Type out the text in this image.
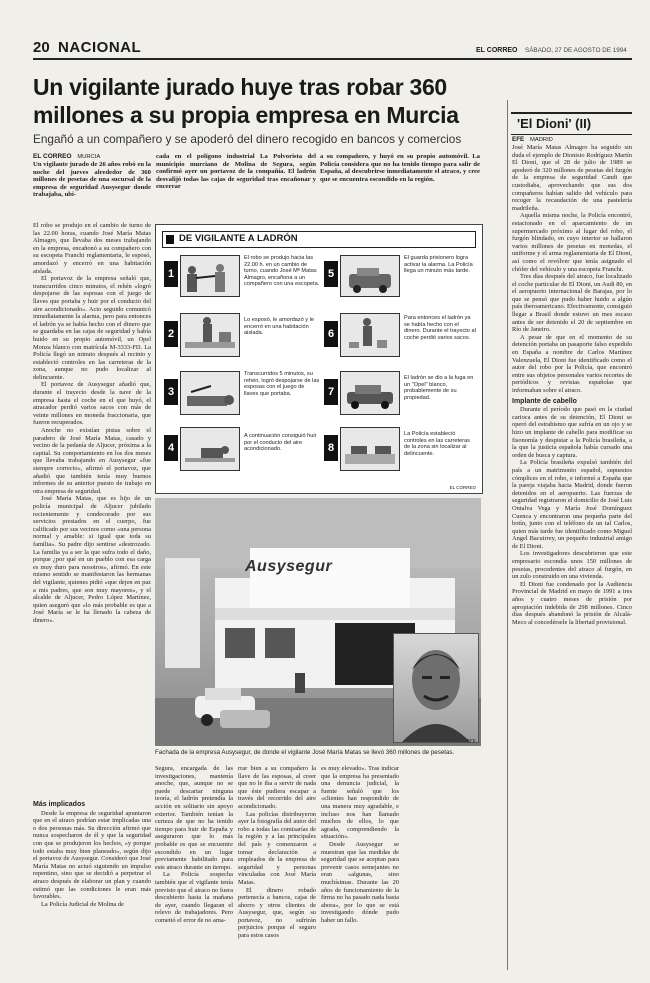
20 NACIONAL	EL CORREO SÁBADO, 27 DE AGOSTO DE 1994
Un vigilante jurado huye tras robar 360 millones a su propia empresa en Murcia
Engañó a un compañero y se apoderó del dinero recogido en bancos y comercios
EL CORREO MURCIA
Un vigilante jurado de 26 años robó en la noche del jueves alrededor de 360 millones de pesetas de una sucursal de la empresa de seguridad Ausysegur donde trabajaba, ubi-
cada en el polígono industrial La Polvorista del municipio murciano de Molina de Segura, según confirmó ayer un portavoz de la compañía. El ladrón desvalijó todas las cajas de seguridad tras encañonar y encerrar
a su compañero, y huyó en su propio automóvil. La Policía considera que no ha tenido tiempo para salir de España, al descubrirse inmediatamente el atraco, y cree que se encuentra escondido en la región.

El robo se produjo en el cambio de turno de las 22.00 horas, cuando José María Matas Almagro, que llevaba dos meses trabajando en la empresa, encañonó a su compañero con su escopeta Franchi reglamentaria, le esposó, amordazó y encerró en una habitación aislada.

El portavoz de la empresa señaló que, transcurridos cinco minutos, el rehén «logró despojarse de las esposas con el juego de llaves que portaba y huir por el conducto del aire acondicionado». Acto seguido comunicó inmediatamente la alarma, pero para entonces el ladrón ya se había hecho con el dinero que se guardaba en las cajas de seguridad y había huido en su propio automóvil, un Opel Monza blanco con matrícula M-3333-FD. La Policía llegó un minuto después al recinto y estableció controles en las carreteras de la zona, aunque no pudo localizar al delincuente.

El portavoz de Ausysegur añadió que, durante el trayecto desde la nave de la empresa hasta el coche en el que huyó, el atracador perdió varios sacos con más de veinte millones en moneda fraccionaria, que fueron recuperados.

Anoche no existían pistas sobre el paradero de José María Matas, casado y vecino de la pedanía de Aljucer, próxima a la capital. Su comportamiento en los dos meses que llevaba trabajando en Ausysegur «fue siempre correcto», afirmó el portavoz, que añadió que también tenía muy buenos informes de su anterior puesto de trabajo en otra empresa de seguridad.

José María Matas, que es hijo de un policía municipal de Aljucer jubilado recientemente y condecorado por sus servicios prestados en el cuerpo, fue calificado por sus vecinos como «una persona normal y amable: si igual que toda su familia». Su padre dijo sentirse «destrozado. La familia ya a ser la que sufra todo el daño, porque ¿por qué en un pueblo con esa carga es muy duro para nosotros», afirmó. En este mismo sentido se manifestaron las hermanas del vigilante, quienes pidió «que dejen en paz a mis padres, que son muy mayores», y el alcalde de Aljucer, Pedro López Martínez, quien aseguró que «lo más probable es que a José María se le ha llenado la cabeza de dinero».

Más implicados

Desde la empresa de seguridad apuntaron que en el atraco podrían estar implicadas una o dos personas más. Su dirección afirmó que nunca sospecharon de él y que la seguridad con que se produjeron los hechos, «y porque todo estaba muy bien planeado», según dijo el portavoz de Ausysegur. Consideró que José María Matas no actuó siguiendo un impulso repentino, sino que se decidió a perpetrar el atraco después de elaborar un plan y cuando estimó que las condiciones le eran más favorables.

La Policía Judicial de Molina de

DE VIGILANTE A LADRÓN
1
El robo se produjo hacia las 22.00 h. en un cambio de turno, cuando José Mª Matas Almagro, encañona a un compañero con una escopeta.
2
Lo esposó, le amordazó y le encerró en una habitación aislada.
3
Transcurridos 5 minutos, su rehén, logró despojarse de las esposas con el juego de llaves que portaba.
4
A continuación consiguió huir por el conducto del aire acondicionado.
5
El guarda prisionero logra activar la alarma. La Policía llega un minuto más tarde.
6
Para entonces el ladrón ya se había hecho con el dinero. Durante el trayecto al coche perdió varios sacos.
7
El ladrón se dio a la fuga en un "Opel" blanco, probablemente de su propiedad.
8
La Policía estableció controles en las carreteras de la zona sin localizar al delincuente.
EL CORREO
Ausysegur
EFE
Fachada de la empresa Ausysegur, de donde el vigilante José María Matas se llevó 360 millones de pesetas.

Segura, encargada de las investigaciones, mantenía anoche, que, aunque no se puede descartar ninguna teoría, el ladrón pretendía la acción en solitario sin apoyo exterior. También tenían la certeza de que no ha tenido tiempo para huir de España y aseguraron que lo más probable es que se encuentre escondido en un lugar previamente habilitado para este atraco durante un tiempo.

La Policía sospecha también que el vigilante tenía previsto que el atraco no fuera descubierto hasta la mañana de ayer, cuando llegaran el relevo de trabajadores. Pero cometió el error de no ama-

rrar bien a su compañero la llave de las esposas, al creer que no le iba a servir de nada que éste pudiera escapar a través del recorrido del aire acondicionado.

Las policías distribuyeron ayer la fotografía del autor del robo a todas las comisarías de la región y a las principales del país y comenzaron a tomar declaración a empleados de la empresa de seguridad y personas vinculadas con José María Matas.

El dinero robado pertenecía a bancos, cajas de ahorro y otros clientes de Ausysegur, que, según su portavoz, no sufrirán perjuicios porque el seguro para estos casos

es muy elevado». Tras indicar que la empresa ha presentado una denuncia judicial, la fuente señaló que los «clientes han respondido de una manera muy agradable, e incluso nos han llamado muchos de ellos, lo que agrada, comprendiendo la situación».

Desde Ausysegur se muestran que las medidas de seguridad que se aceptan para prevenir casos semejantes no eran «algunas, sino muchísimas. Durante las 20 años de funcionamiento de la firma no ha pasado nada hasta ahora», por lo que se está investigando dónde pudo haber un fallo.

'El Dioni' (II)
EFE MADRID

José María Matas Almagro ha seguido sin duda el ejemplo de Dionisio Rodríguez Martín El Dioni, que el 28 de julio de 1989 se apoderó de 320 millones de pesetas del furgón de la empresa de seguridad Candi que custodiaba, aprovechando que sus dos compañeros habían salido del vehículo para recoger la recaudación de una pastelería madrileña.

Aquella misma noche, la Policía encontró, estacionado en el aparcamiento de un supermercado próximo al lugar del robo, el furgón blindado, en cuyo interior se hallaron varios millones de pesetas en monedas, el uniforme y el arma reglamentaria de El Dioni, así como el revólver que tenía asignado el chófer del vehículo y una escopeta Franchi.

Tres días después del atraco, fue localizado el coche particular de El Dioni, un Audi 80, en el aeropuerto internacional de Barajas, por lo que se pensó que pudo haber huido a algún país iberoamericano. Efectivamente, consiguió llegar a Brasil donde estuvo un mes escaso antes de ser detenido el 20 de septiembre en Río de Janeiro.

A pesar de que en el momento de su detención portaba un pasaporte falso expedido en España a nombre de Carlos Martínez Valenzuela, El Dioni fue identificado como el autor del robo por la Policía, que encontró entre sus objetos personales varios recortes de periódicos y revistas españolas que informaban sobre el atraco.

Implante de cabello

Durante el período que pasó en la ciudad carioca antes de su detención, El Dioni se operó del estrabismo que sufría en un ojo y se hizo un implante de cabello para modificar su fisonomía y despistar a la Policía brasileña, a la que la justicia española había cursado una orden de busca y captura.

La Policía brasileña expulsó también del país a un matrimonio español, supuestos cómplices en el robo, e informó a España que la pareja viajaba hacia Madrid, donde fueron detenidos en el aeropuerto. Las fuerzas de seguridad registraron el domicilio de José Luis Ontalva Vega y María José Domínguez Cuenca y encontraron una pequeña parte del botín, junto con el teléfono de un tal Carlos, quien más tarde fue identificado como Miguel Angel Bacuirrey, un pequeño industrial amigo de El Dioni.

Los investigadores descubrieron que este empresario escondía unos 150 millones de pesetas, procedentes del atraco al furgón, en un zulo construido en una vivienda.

El Dioni fue condenado por la Audiencia Provincial de Madrid en mayo de 1991 a tres años y cuatro meses de prisión por apropiación indebida de 298 millones. Cinco días después abandonó la prisión de Alcalá-Meco al concedérsele la libertad provisional.
